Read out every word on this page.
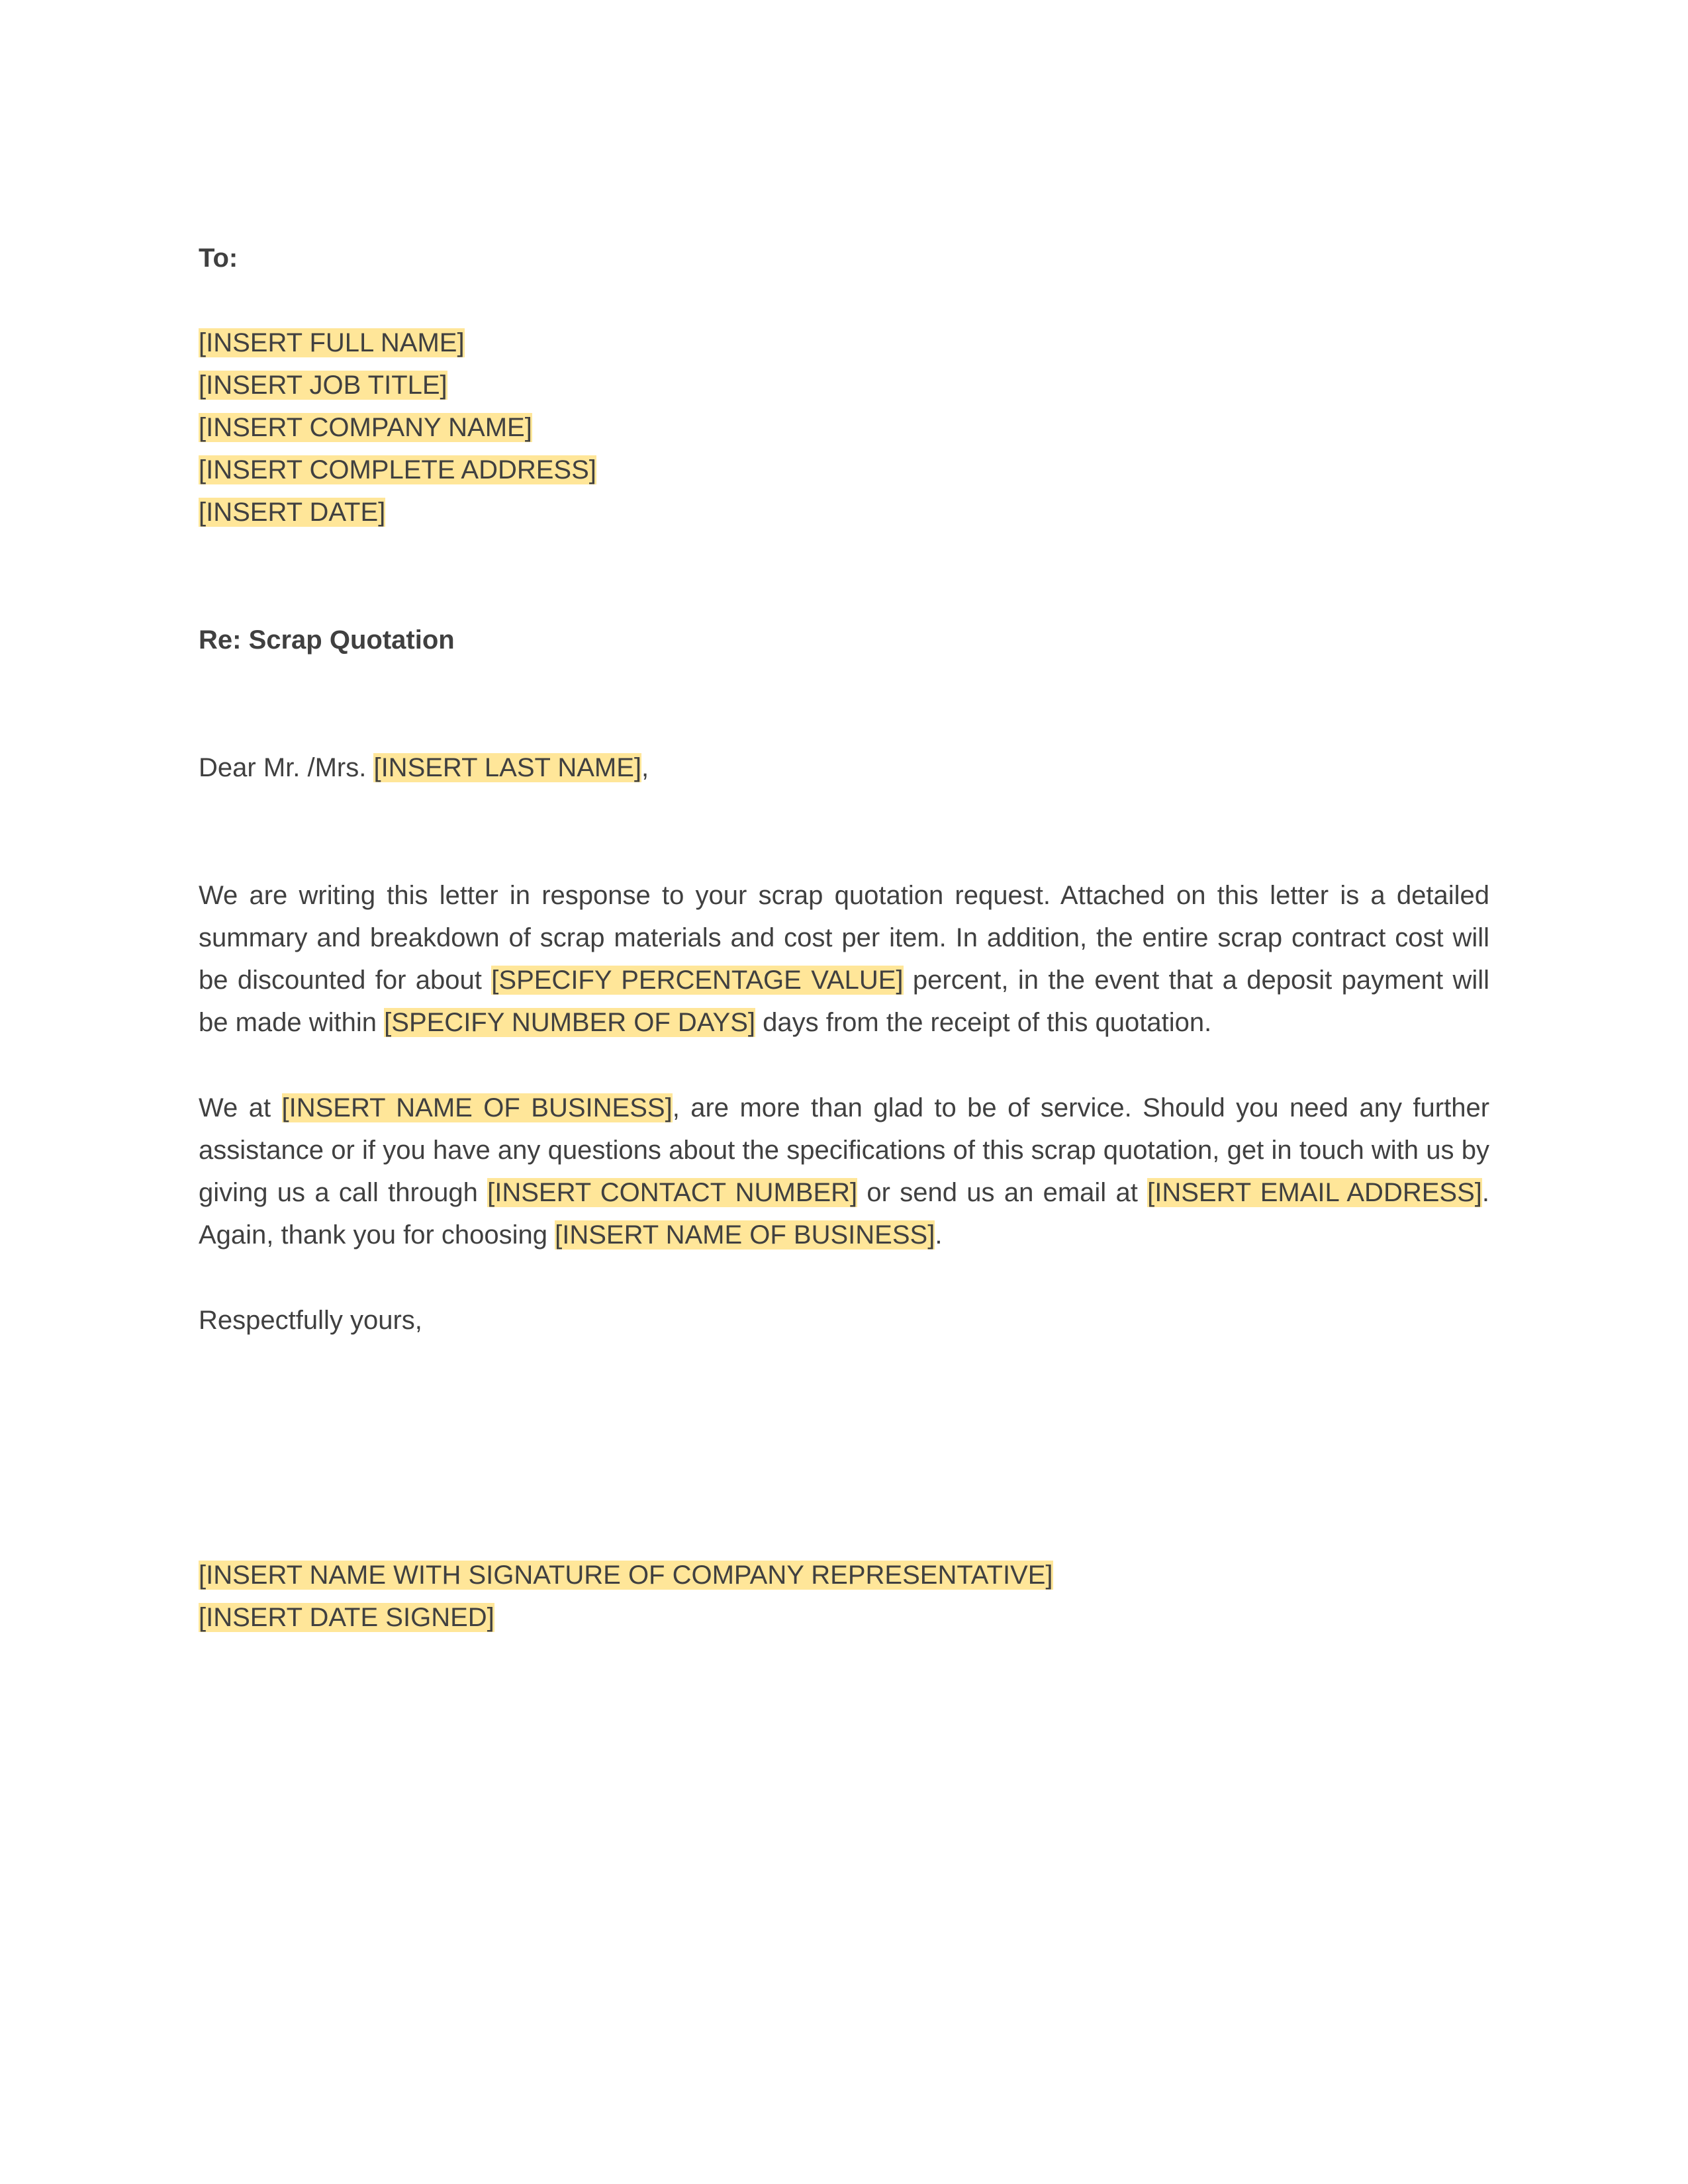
To:
[INSERT FULL NAME]
[INSERT JOB TITLE]
[INSERT COMPANY NAME]
[INSERT COMPLETE ADDRESS]
[INSERT DATE]
Re: Scrap Quotation
Dear Mr. /Mrs. [INSERT LAST NAME],
We are writing this letter in response to your scrap quotation request. Attached on this letter is a detailed summary and breakdown of scrap materials and cost per item. In addition, the entire scrap contract cost will be discounted for about [SPECIFY PERCENTAGE VALUE] percent, in the event that a deposit payment will be made within [SPECIFY NUMBER OF DAYS] days from the receipt of this quotation.
We at [INSERT NAME OF BUSINESS], are more than glad to be of service. Should you need any further assistance or if you have any questions about the specifications of this scrap quotation, get in touch with us by giving us a call through [INSERT CONTACT NUMBER] or send us an email at [INSERT EMAIL ADDRESS]. Again, thank you for choosing [INSERT NAME OF BUSINESS].
Respectfully yours,
[INSERT NAME WITH SIGNATURE OF COMPANY REPRESENTATIVE]
[INSERT DATE SIGNED]
